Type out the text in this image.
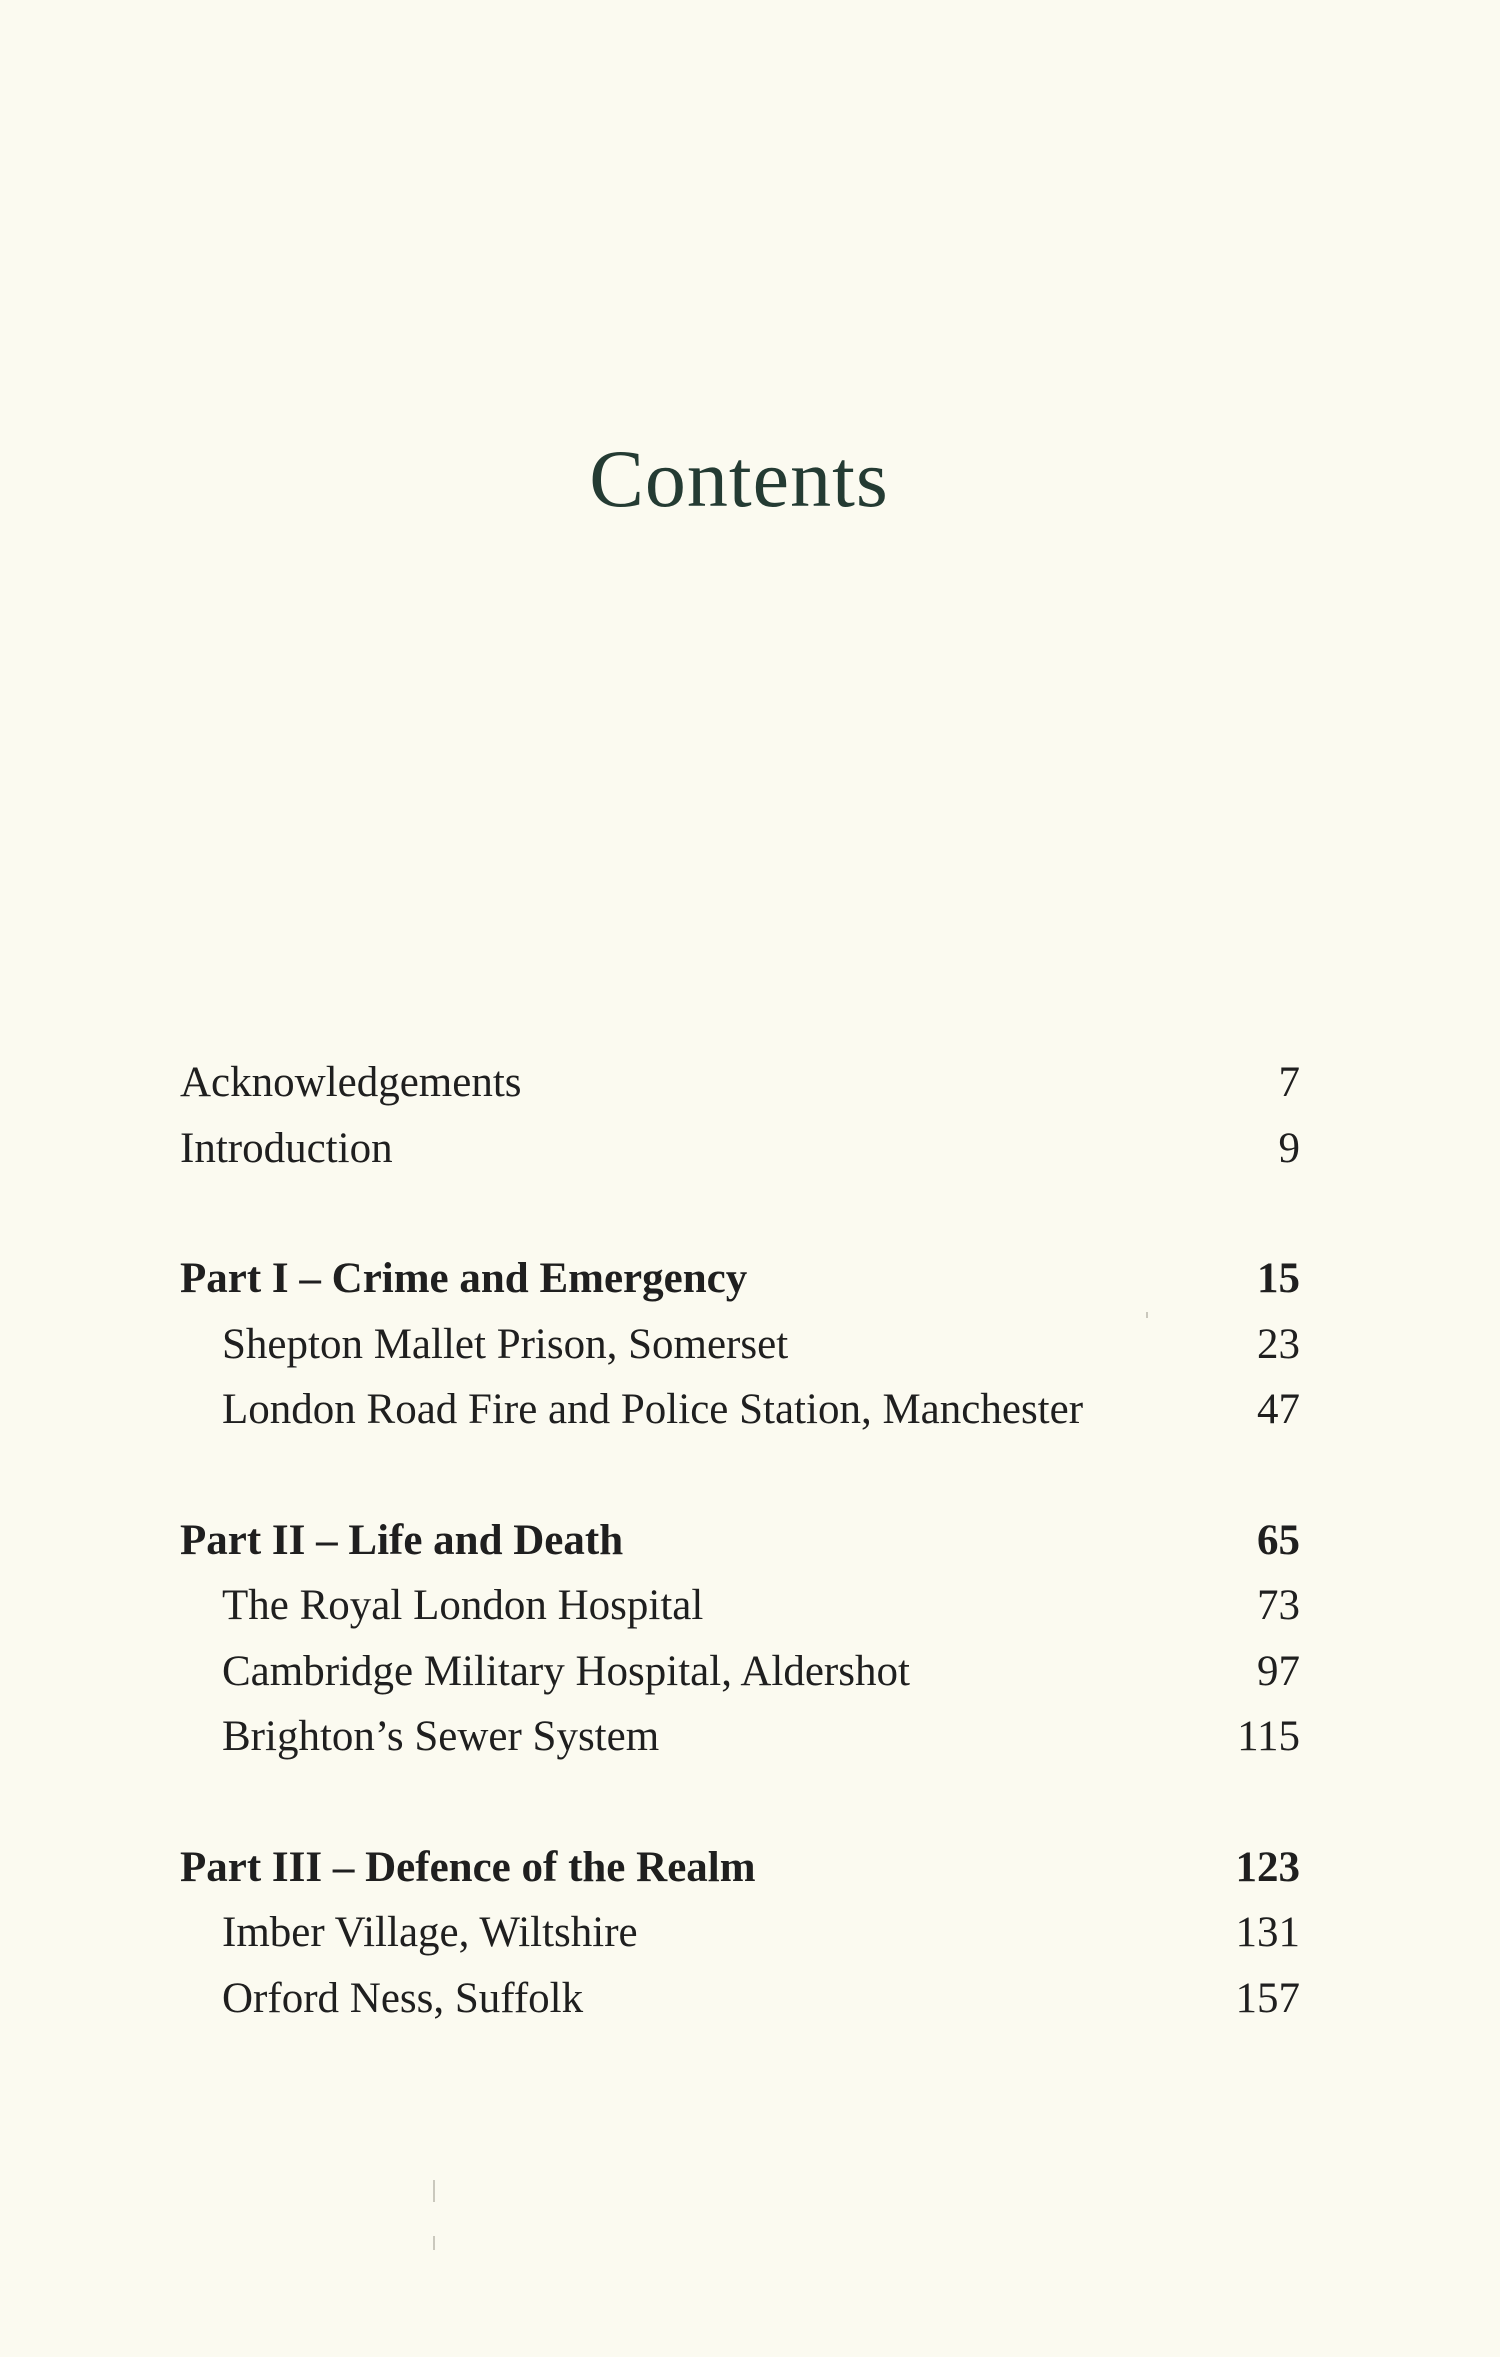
Contents
Acknowledgements	7
Introduction	9
Part I – Crime and Emergency	15
Shepton Mallet Prison, Somerset	23
London Road Fire and Police Station, Manchester	47
Part II – Life and Death	65
The Royal London Hospital	73
Cambridge Military Hospital, Aldershot	97
Brighton’s Sewer System	115
Part III – Defence of the Realm	123
Imber Village, Wiltshire	131
Orford Ness, Suffolk	157
